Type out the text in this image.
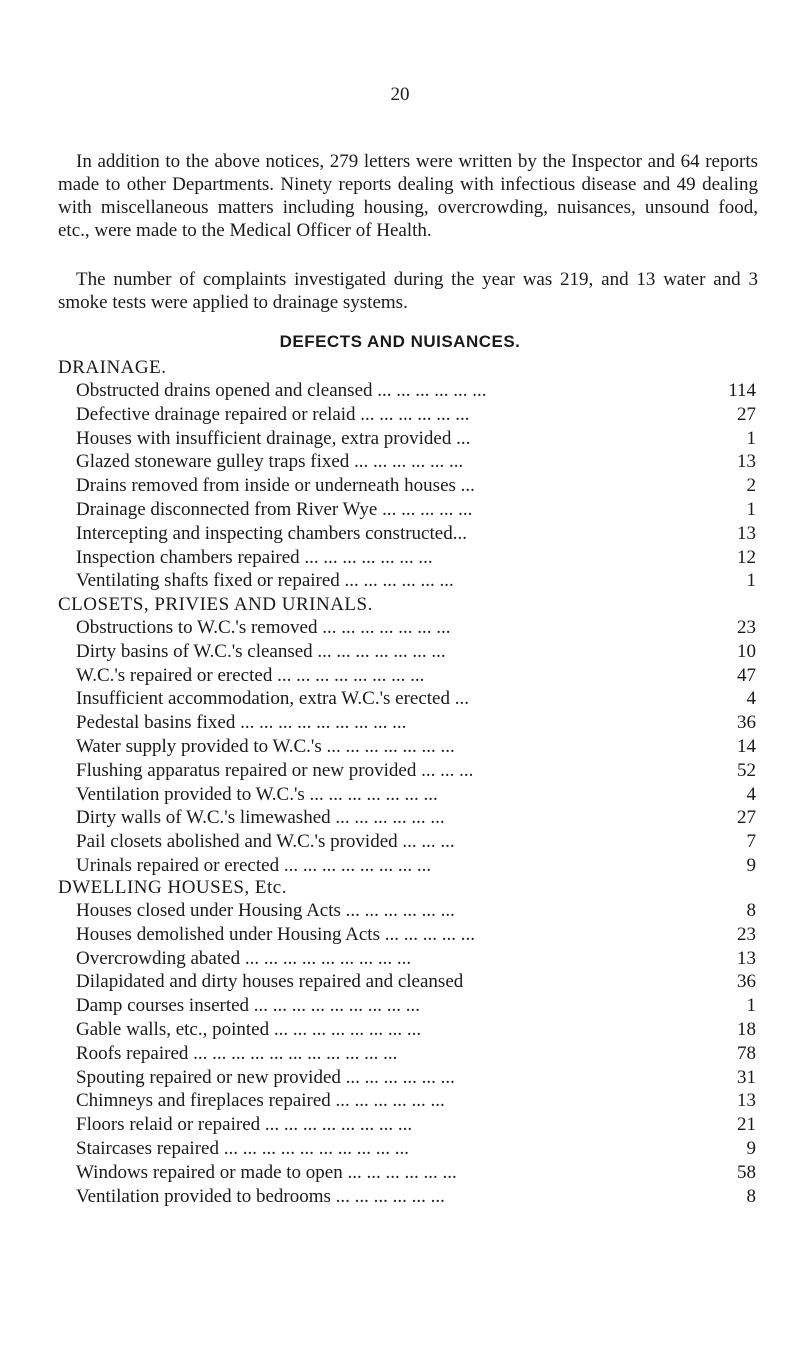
20

In addition to the above notices, 279 letters were written by the Inspector and 64 reports made to other Departments. Ninety reports dealing with infectious disease and 49 dealing with miscellaneous matters including housing, overcrowding, nuisances, unsound food, etc., were made to the Medical Officer of Health.

The number of complaints investigated during the year was 219, and 13 water and 3 smoke tests were applied to drainage systems.

DEFECTS AND NUISANCES.
DRAINAGE.
Obstructed drains opened and cleansed ... ... ... ... ... ...	114
Defective drainage repaired or relaid ... ... ... ... ... ...	27
Houses with insufficient drainage, extra provided ...	1
Glazed stoneware gulley traps fixed ... ... ... ... ... ...	13
Drains removed from inside or underneath houses ...	2
Drainage disconnected from River Wye ... ... ... ... ...	1
Intercepting and inspecting chambers constructed...	13
Inspection chambers repaired ... ... ... ... ... ... ...	12
Ventilating shafts fixed or repaired ... ... ... ... ... ...	1
CLOSETS, PRIVIES AND URINALS.
Obstructions to W.C.'s removed ... ... ... ... ... ... ...	23
Dirty basins of W.C.'s cleansed ... ... ... ... ... ... ...	10
W.C.'s repaired or erected ... ... ... ... ... ... ... ...	47
Insufficient accommodation, extra W.C.'s erected ...	4
Pedestal basins fixed ... ... ... ... ... ... ... ... ...	36
Water supply provided to W.C.'s ... ... ... ... ... ... ...	14
Flushing apparatus repaired or new provided ... ... ...	52
Ventilation provided to W.C.'s ... ... ... ... ... ... ...	4
Dirty walls of W.C.'s limewashed ... ... ... ... ... ...	27
Pail closets abolished and W.C.'s provided ... ... ...	7
Urinals repaired or erected ... ... ... ... ... ... ... ...	9
DWELLING HOUSES, Etc.
Houses closed under Housing Acts ... ... ... ... ... ...	8
Houses demolished under Housing Acts ... ... ... ... ...	23
Overcrowding abated ... ... ... ... ... ... ... ... ...	13
Dilapidated and dirty houses repaired and cleansed	36
Damp courses inserted ... ... ... ... ... ... ... ... ...	1
Gable walls, etc., pointed ... ... ... ... ... ... ... ...	18
Roofs repaired ... ... ... ... ... ... ... ... ... ... ...	78
Spouting repaired or new provided ... ... ... ... ... ...	31
Chimneys and fireplaces repaired ... ... ... ... ... ...	13
Floors relaid or repaired ... ... ... ... ... ... ... ...	21
Staircases repaired ... ... ... ... ... ... ... ... ... ...	9
Windows repaired or made to open ... ... ... ... ... ...	58
Ventilation provided to bedrooms ... ... ... ... ... ...	8
